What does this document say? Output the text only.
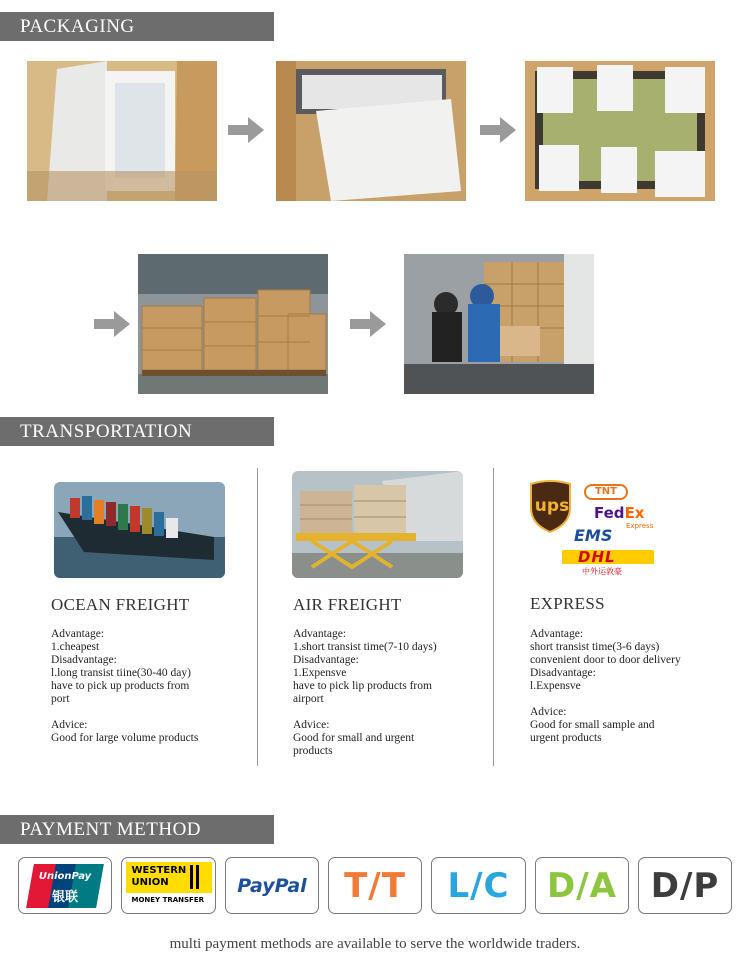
PACKAGING
TRANSPORTATION
OCEAN FREIGHT
Advantage:
1.cheapest
Disadvantage:
l.long transist tiine(30-40 day)
have to pick up products from
port

Advice:
Good for large volume products
AIR FREIGHT
Advantage:
1.short transist time(7-10 days)
Disadvantage:
1.Expensve
have to pick lip products from
airport

Advice:
Good for small and urgent
products
ups
TNT
FedEx
Express
EMS
DHL
中外运敦豪
EXPRESS
Advantage:
short transist time(3-6 days)
convenient door to door delivery
Disadvantage:
l.Expensve

Advice:
Good for small sample and
urgent products
PAYMENT METHOD
UnionPay
银联
WESTERN
UNION
MONEY TRANSFER
PayPal T/T L/C D/A D/P
multi payment methods are available to serve the worldwide traders.
